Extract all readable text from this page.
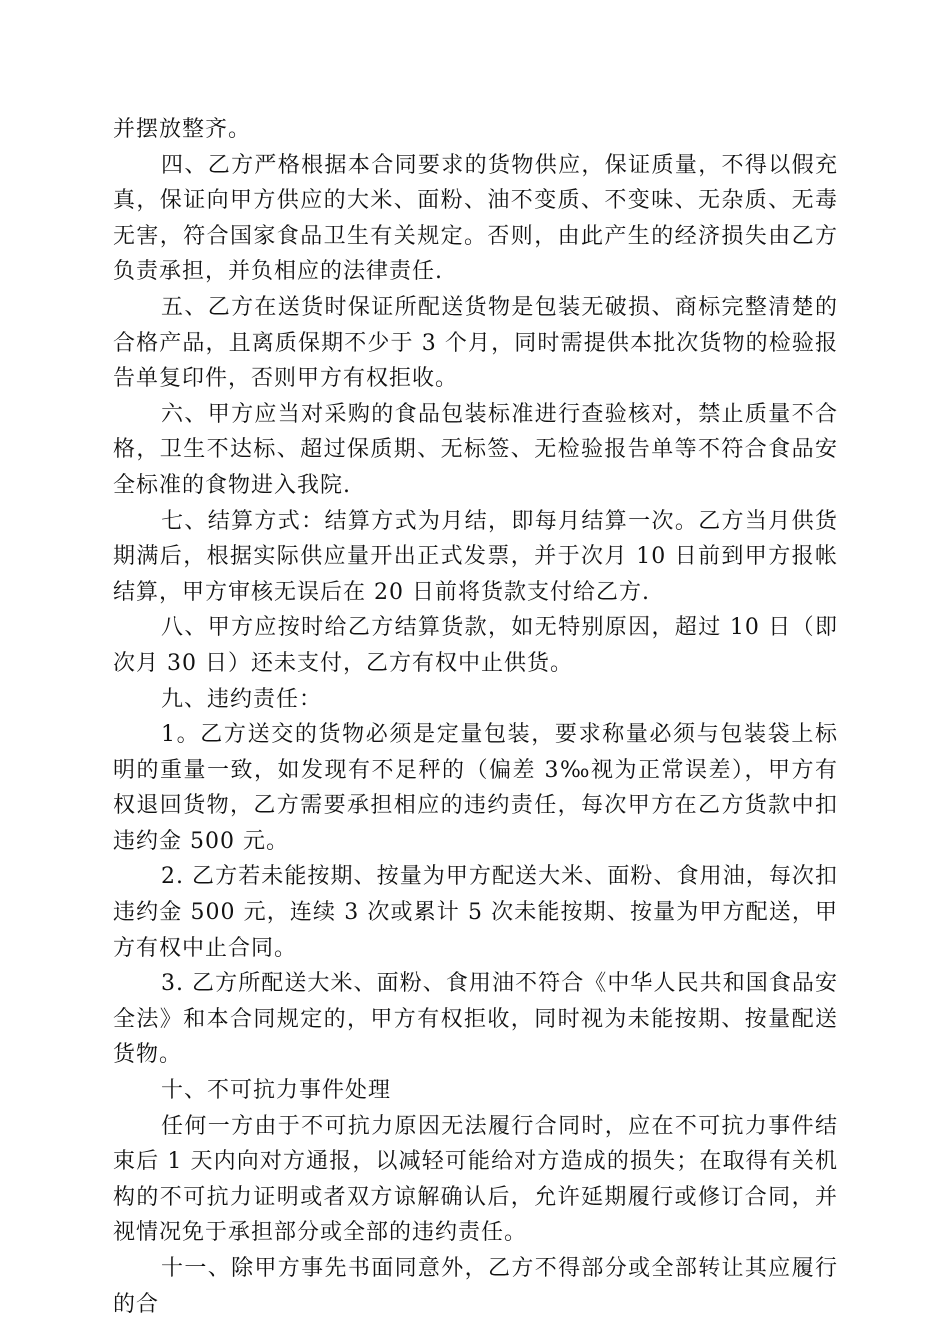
并摆放整齐。

四、乙方严格根据本合同要求的货物供应，保证质量，不得以假充真，保证向甲方供应的大米、面粉、油不变质、不变味、无杂质、无毒无害，符合国家食品卫生有关规定。否则，由此产生的经济损失由乙方负责承担，并负相应的法律责任.

五、乙方在送货时保证所配送货物是包装无破损、商标完整清楚的合格产品，且离质保期不少于 3 个月，同时需提供本批次货物的检验报告单复印件，否则甲方有权拒收。

六、甲方应当对采购的食品包装标准进行查验核对，禁止质量不合格，卫生不达标、超过保质期、无标签、无检验报告单等不符合食品安全标准的食物进入我院.

七、结算方式：结算方式为月结，即每月结算一次。乙方当月供货期满后，根据实际供应量开出正式发票，并于次月 10 日前到甲方报帐结算，甲方审核无误后在 20 日前将货款支付给乙方.

八、甲方应按时给乙方结算货款，如无特别原因，超过 10 日（即次月 30 日）还未支付，乙方有权中止供货。

九、违约责任：

1。乙方送交的货物必须是定量包装，要求称量必须与包装袋上标明的重量一致，如发现有不足秤的（偏差 3‰视为正常误差），甲方有权退回货物，乙方需要承担相应的违约责任，每次甲方在乙方货款中扣违约金 500 元。

2. 乙方若未能按期、按量为甲方配送大米、面粉、食用油，每次扣违约金 500 元，连续 3 次或累计 5 次未能按期、按量为甲方配送，甲方有权中止合同。

3. 乙方所配送大米、面粉、食用油不符合《中华人民共和国食品安全法》和本合同规定的，甲方有权拒收，同时视为未能按期、按量配送货物。

十、不可抗力事件处理

任何一方由于不可抗力原因无法履行合同时，应在不可抗力事件结束后 1 天内向对方通报，以减轻可能给对方造成的损失；在取得有关机构的不可抗力证明或者双方谅解确认后，允许延期履行或修订合同，并视情况免于承担部分或全部的违约责任。

十一、除甲方事先书面同意外，乙方不得部分或全部转让其应履行的合
